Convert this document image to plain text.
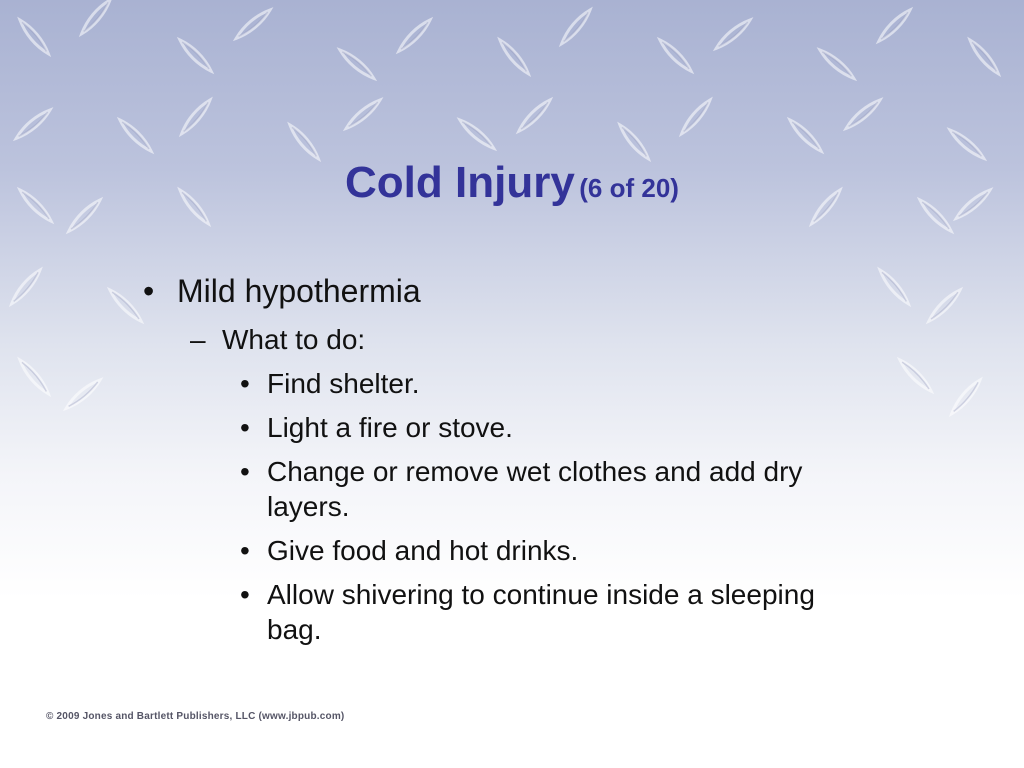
Cold Injury (6 of 20)
• Mild hypothermia
– What to do:
• Find shelter.
• Light a fire or stove.
• Change or remove wet clothes and add dry layers.
• Give food and hot drinks.
• Allow shivering to continue inside a sleeping bag.
© 2009 Jones and Bartlett Publishers, LLC (www.jbpub.com)
